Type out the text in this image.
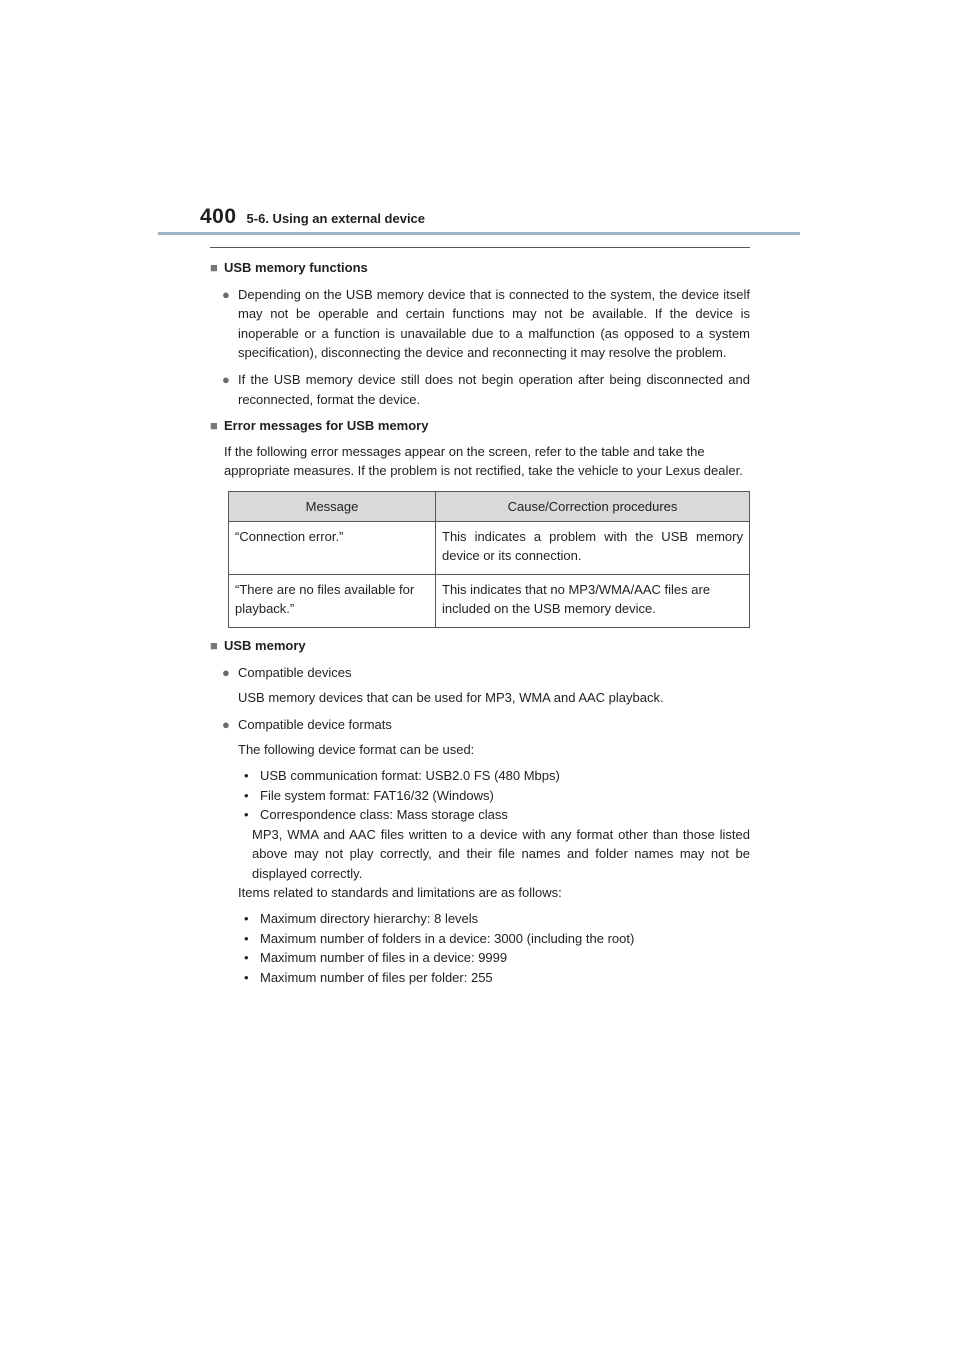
400 5-6. Using an external device
■ USB memory functions
● Depending on the USB memory device that is connected to the system, the device itself may not be operable and certain functions may not be available. If the device is inoperable or a function is unavailable due to a malfunction (as opposed to a system specification), disconnecting the device and reconnecting it may resolve the problem.
● If the USB memory device still does not begin operation after being disconnected and reconnected, format the device.
■ Error messages for USB memory
If the following error messages appear on the screen, refer to the table and take the appropriate measures. If the problem is not rectified, take the vehicle to your Lexus dealer.
Message	Cause/Correction procedures
“Connection error.”	This indicates a problem with the USB memory device or its connection.
“There are no files available for playback.”	This indicates that no MP3/WMA/AAC files are included on the USB memory device.
■ USB memory
● Compatible devices
USB memory devices that can be used for MP3, WMA and AAC playback.
● Compatible device formats
The following device format can be used:
• USB communication format: USB2.0 FS (480 Mbps)
• File system format: FAT16/32 (Windows)
• Correspondence class: Mass storage class
MP3, WMA and AAC files written to a device with any format other than those listed above may not play correctly, and their file names and folder names may not be displayed correctly.
Items related to standards and limitations are as follows:
• Maximum directory hierarchy: 8 levels
• Maximum number of folders in a device: 3000 (including the root)
• Maximum number of files in a device: 9999
• Maximum number of files per folder: 255
